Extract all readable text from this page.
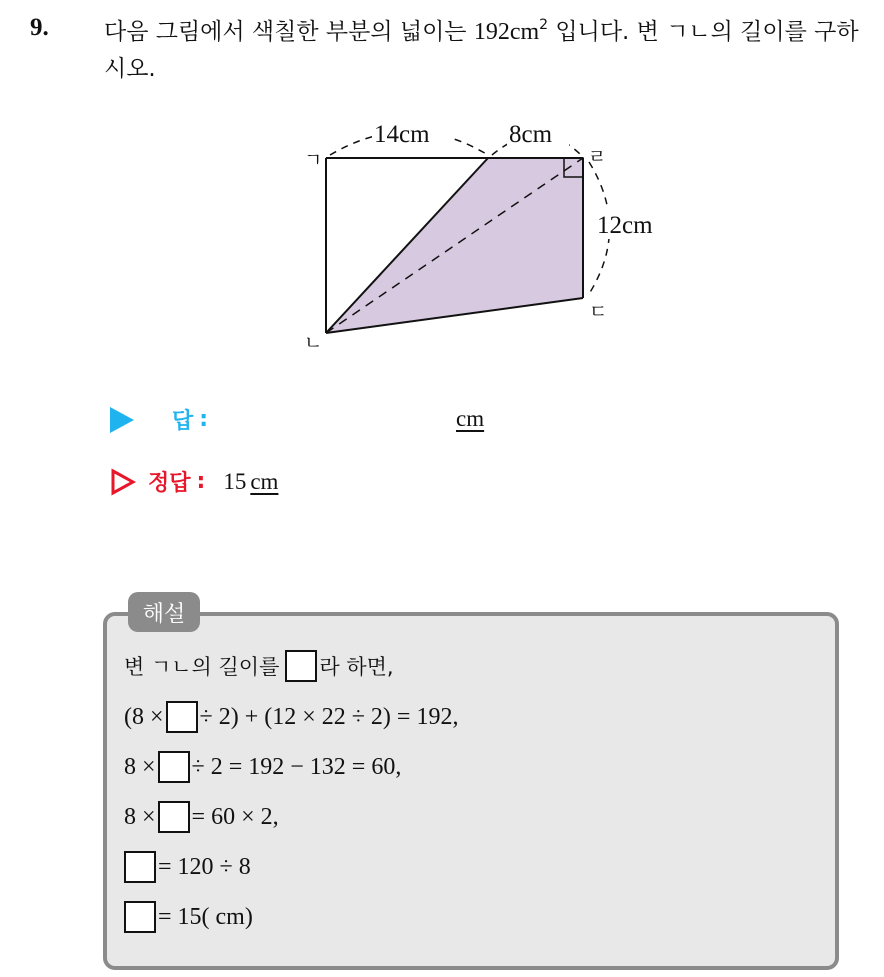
9. 다음 그림에서 색칠한 부분의 넓이는 $192cm^2$ 입니다. 변 ㄱㄴ의 길이를 구하시오.
14cm	8cm
12cm
ㄱ
ㄴ
ㄷ
ㄹ
답 :	cm
정답 : 15 cm
해설
변 ㄱㄴ의 길이를 라 하면,
(8 × ÷ 2) + (12 × 22 ÷ 2) = 192,
8 × ÷ 2 = 192 − 132 = 60,
8 × = 60 × 2,
= 120 ÷ 8
= 15( cm)
